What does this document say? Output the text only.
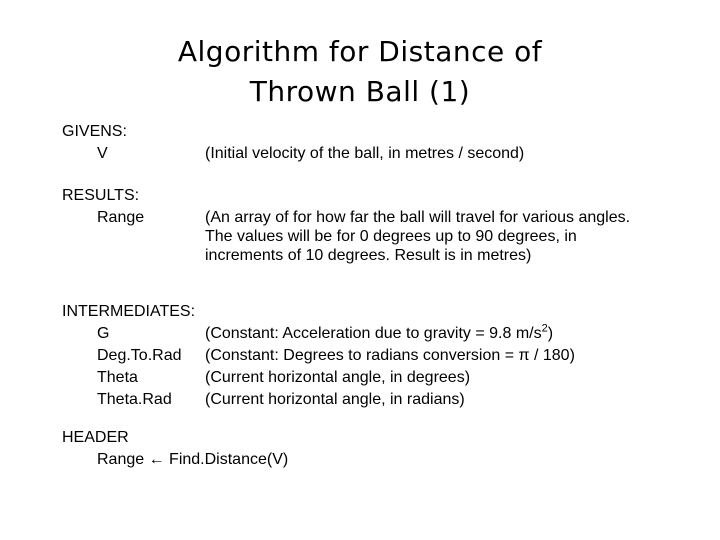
Algorithm for Distance of
Thrown Ball (1)
GIVENS:
V	(Initial velocity of the ball, in metres / second)
RESULTS:
Range	(An array of for how far the ball will travel for various angles. The values will be for 0 degrees up to 90 degrees, in increments of 10 degrees. Result is in metres)
INTERMEDIATES:
G	(Constant: Acceleration due to gravity = 9.8 $m/s^2$)
Deg.To.Rad (Constant: Degrees to radians conversion = π / 180)
Theta	(Current horizontal angle, in degrees)
Theta.Rad (Current horizontal angle, in radians)
HEADER
Range ← Find.Distance(V)
